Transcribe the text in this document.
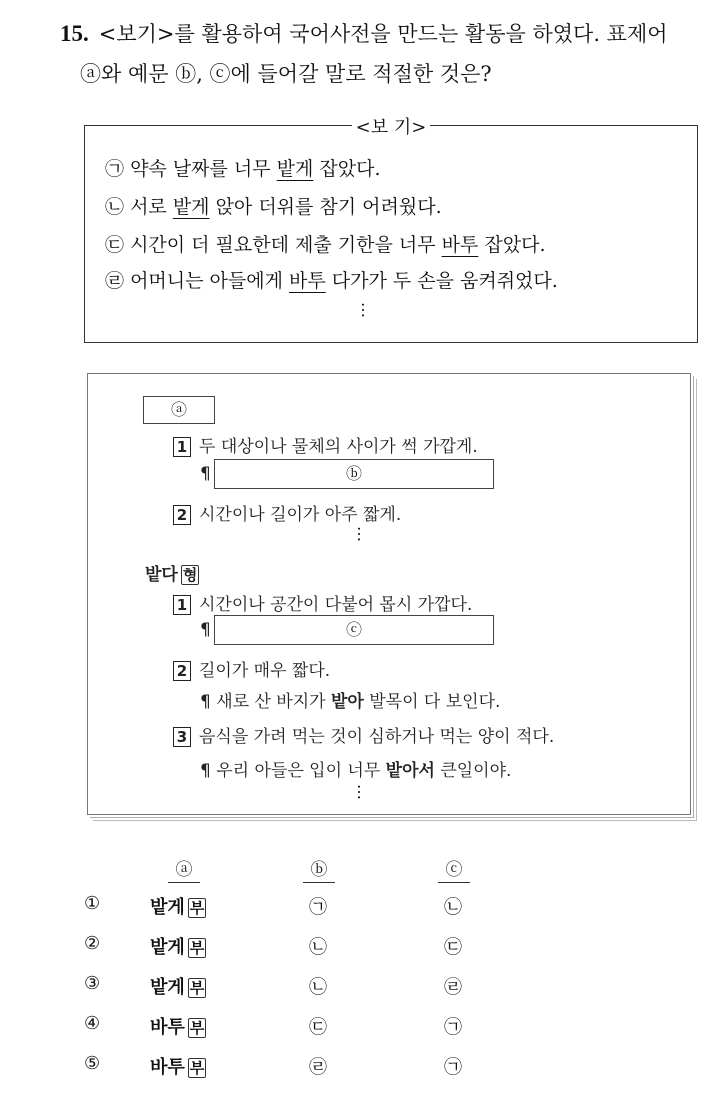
15. <보기>를 활용하여 국어사전을 만드는 활동을 하였다. 표제어
ⓐ와 예문 ⓑ, ⓒ에 들어갈 말로 적절한 것은?
<보 기>
㉠ 약속 날짜를 너무 밭게 잡았다.
㉡ 서로 밭게 앉아 더위를 참기 어려웠다.
㉢ 시간이 더 필요한데 제출 기한을 너무 바투 잡았다.
㉣ 어머니는 아들에게 바투 다가가 두 손을 움켜쥐었다.
…
ⓐ
1 두 대상이나 물체의 사이가 썩 가깝게.
¶	ⓑ
2 시간이나 길이가 아주 짧게.
…
밭다 형
1 시간이나 공간이 다붙어 몹시 가깝다.
¶	ⓒ
2 길이가 매우 짧다.
¶ 새로 산 바지가 밭아 발목이 다 보인다.
3 음식을 가려 먹는 것이 심하거나 먹는 양이 적다.
¶ 우리 아들은 입이 너무 밭아서 큰일이야.
…
ⓐ	ⓑ	ⓒ
①	밭게 부	㉠	㉡
②	밭게 부	㉡	㉢
③	밭게 부	㉡	㉣
④	바투 부	㉢	㉠
⑤	바투 부	㉣	㉠
